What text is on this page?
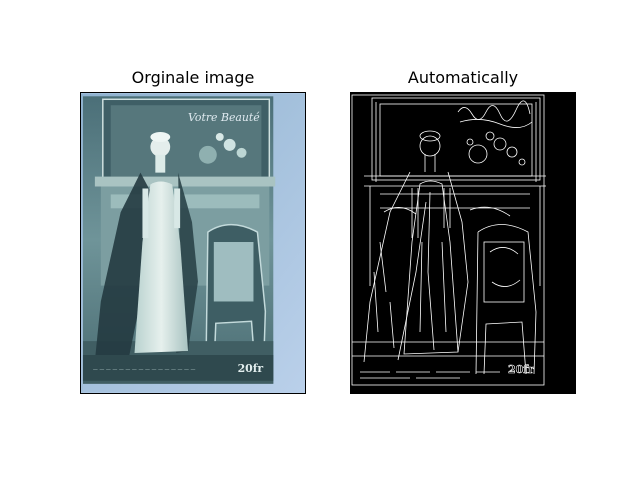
Orginale image	Automatically
Votre Beauté
— — — — — — — — — — — — — — — —	20fr	20fr
